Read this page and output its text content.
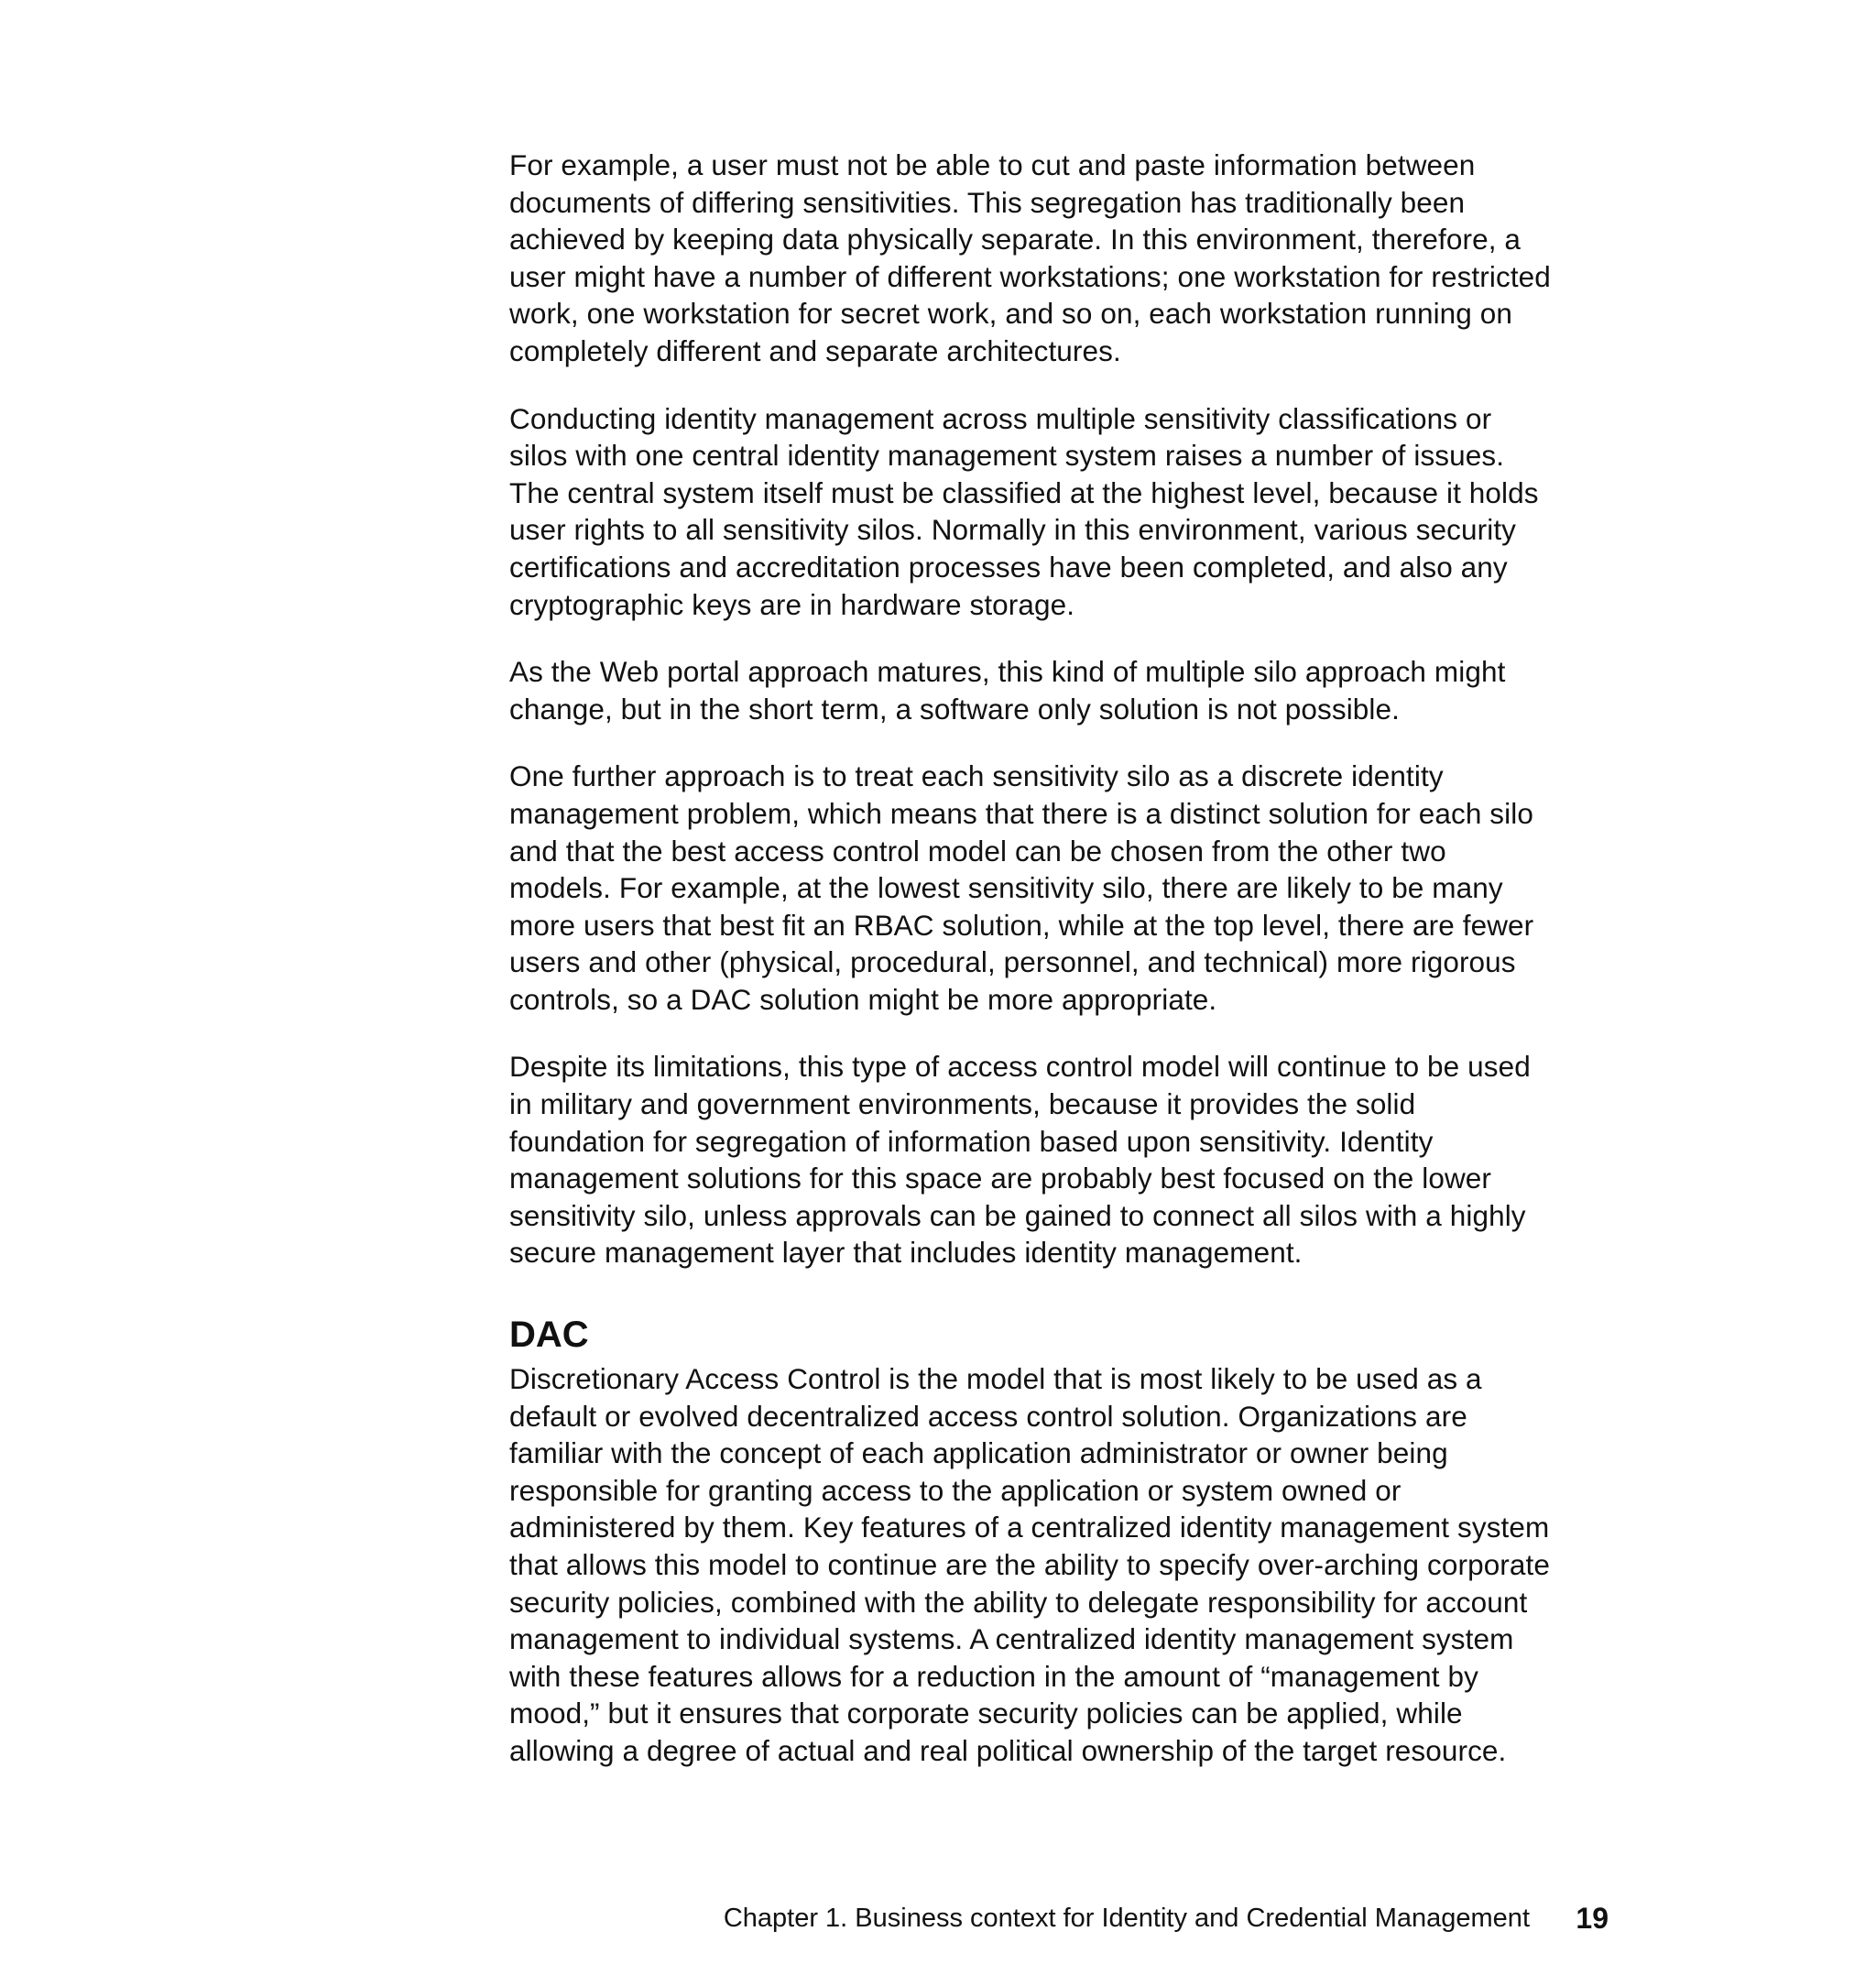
For example, a user must not be able to cut and paste information between
documents of differing sensitivities. This segregation has traditionally been
achieved by keeping data physically separate. In this environment, therefore, a
user might have a number of different workstations; one workstation for restricted
work, one workstation for secret work, and so on, each workstation running on
completely different and separate architectures.

Conducting identity management across multiple sensitivity classifications or
silos with one central identity management system raises a number of issues.
The central system itself must be classified at the highest level, because it holds
user rights to all sensitivity silos. Normally in this environment, various security
certifications and accreditation processes have been completed, and also any
cryptographic keys are in hardware storage.

As the Web portal approach matures, this kind of multiple silo approach might
change, but in the short term, a software only solution is not possible.

One further approach is to treat each sensitivity silo as a discrete identity
management problem, which means that there is a distinct solution for each silo
and that the best access control model can be chosen from the other two
models. For example, at the lowest sensitivity silo, there are likely to be many
more users that best fit an RBAC solution, while at the top level, there are fewer
users and other (physical, procedural, personnel, and technical) more rigorous
controls, so a DAC solution might be more appropriate.

Despite its limitations, this type of access control model will continue to be used
in military and government environments, because it provides the solid
foundation for segregation of information based upon sensitivity. Identity
management solutions for this space are probably best focused on the lower
sensitivity silo, unless approvals can be gained to connect all silos with a highly
secure management layer that includes identity management.

DAC

Discretionary Access Control is the model that is most likely to be used as a
default or evolved decentralized access control solution. Organizations are
familiar with the concept of each application administrator or owner being
responsible for granting access to the application or system owned or
administered by them. Key features of a centralized identity management system
that allows this model to continue are the ability to specify over-arching corporate
security policies, combined with the ability to delegate responsibility for account
management to individual systems. A centralized identity management system
with these features allows for a reduction in the amount of “management by
mood,” but it ensures that corporate security policies can be applied, while
allowing a degree of actual and real political ownership of the target resource.

Chapter 1. Business context for Identity and Credential Management 19
